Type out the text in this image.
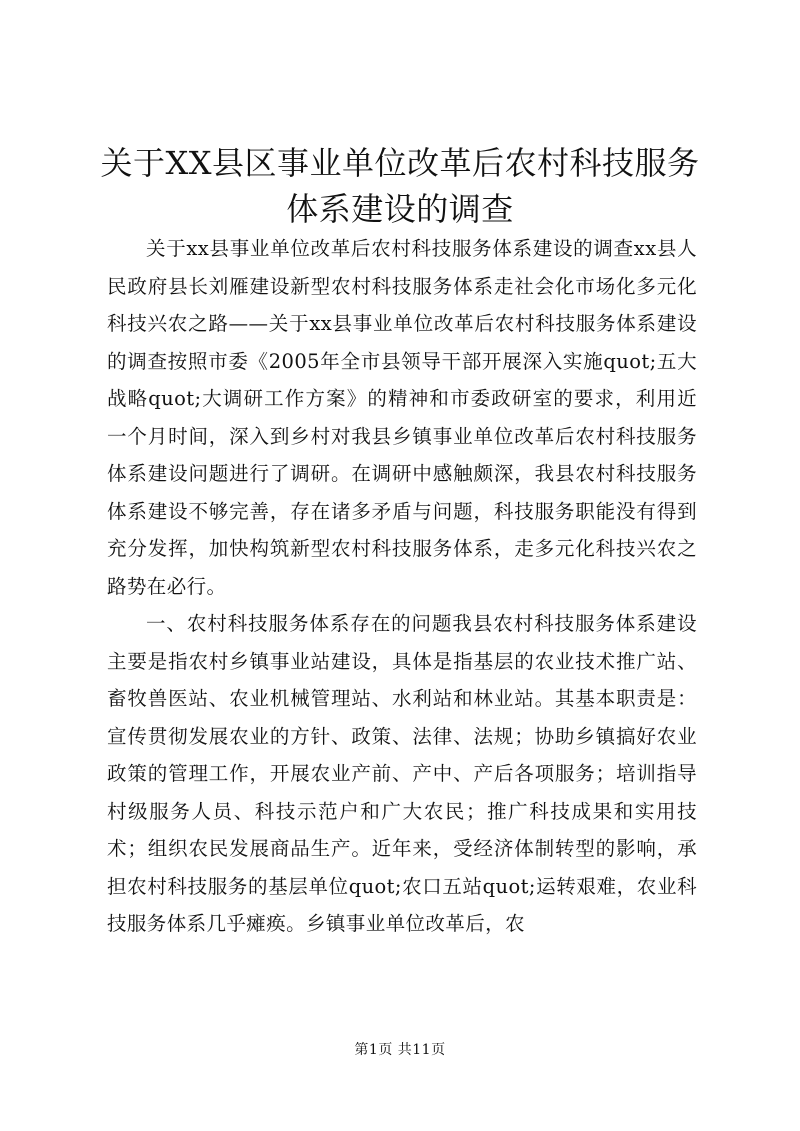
关于XX县区事业单位改革后农村科技服务体系建设的调查

关于xx县事业单位改革后农村科技服务体系建设的调查xx县人民政府县长刘雁建设新型农村科技服务体系走社会化市场化多元化科技兴农之路——关于xx县事业单位改革后农村科技服务体系建设的调查按照市委《2005年全市县领导干部开展深入实施quot;五大战略quot;大调研工作方案》的精神和市委政研室的要求，利用近一个月时间，深入到乡村对我县乡镇事业单位改革后农村科技服务体系建设问题进行了调研。在调研中感触颇深，我县农村科技服务体系建设不够完善，存在诸多矛盾与问题，科技服务职能没有得到充分发挥，加快构筑新型农村科技服务体系，走多元化科技兴农之路势在必行。

一、农村科技服务体系存在的问题我县农村科技服务体系建设主要是指农村乡镇事业站建设，具体是指基层的农业技术推广站、畜牧兽医站、农业机械管理站、水利站和林业站。其基本职责是：宣传贯彻发展农业的方针、政策、法律、法规；协助乡镇搞好农业政策的管理工作，开展农业产前、产中、产后各项服务；培训指导村级服务人员、科技示范户和广大农民；推广科技成果和实用技术；组织农民发展商品生产。近年来，受经济体制转型的影响，承担农村科技服务的基层单位quot;农口五站quot;运转艰难，农业科技服务体系几乎瘫痪。乡镇事业单位改革后，农

第1页 共11页
